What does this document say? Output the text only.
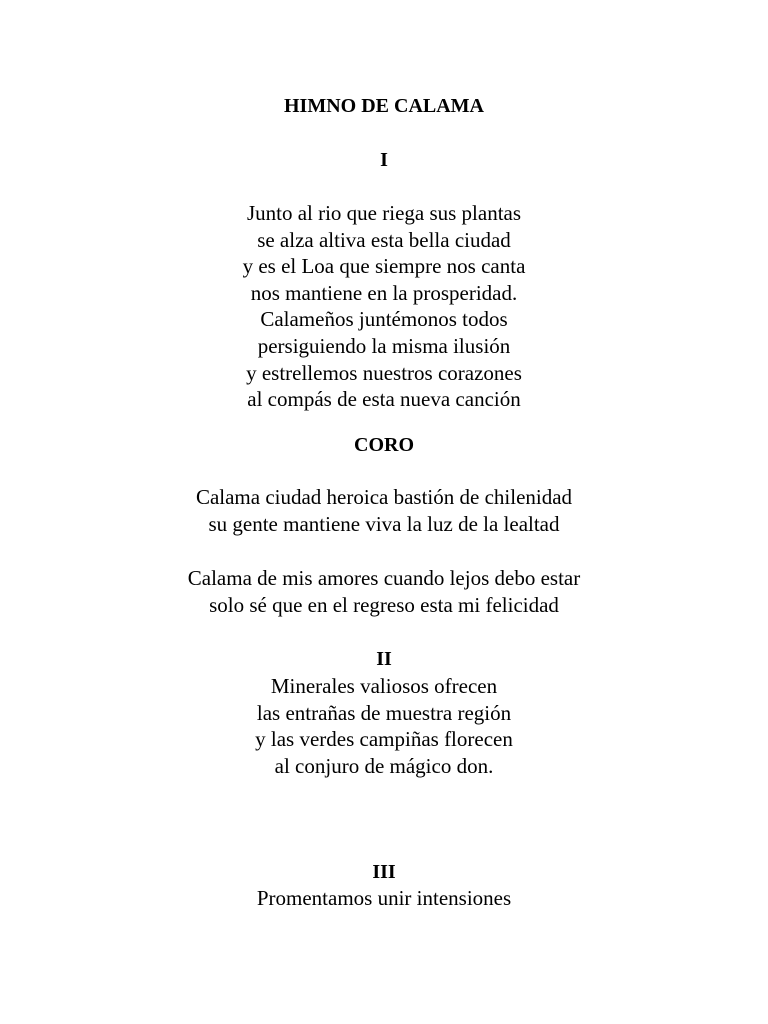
HIMNO DE CALAMA
I
Junto al rio que riega sus plantas
se alza altiva esta bella ciudad
y es el Loa que siempre nos canta
nos mantiene en la prosperidad.
Calameños juntémonos todos
persiguiendo la misma ilusión
y estrellemos nuestros corazones
al compás de esta nueva canción
CORO
Calama ciudad heroica bastión de chilenidad
su gente mantiene viva la luz de la lealtad
Calama de mis amores cuando lejos debo estar
solo sé que en el regreso esta mi felicidad
II
Minerales valiosos ofrecen
las entrañas de muestra región
y las verdes campiñas florecen
al conjuro de mágico don.
III
Promentamos unir intensiones
